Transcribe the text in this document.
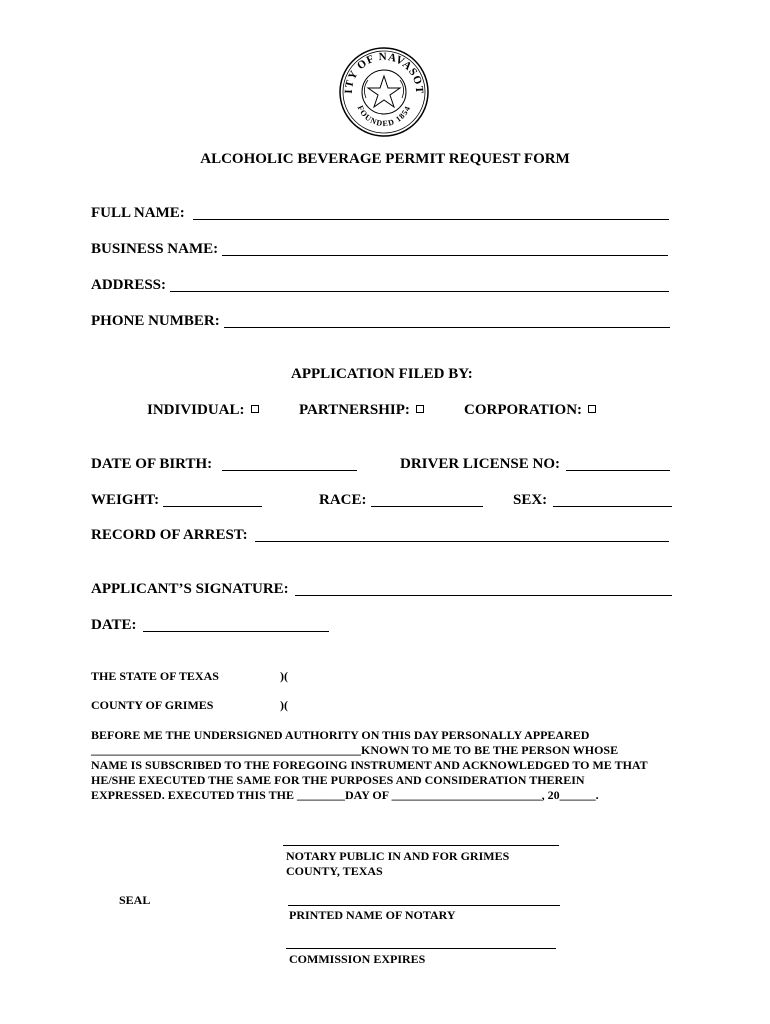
ITY OF NAVASOT
FOUNDED 1854
ALCOHOLIC BEVERAGE PERMIT REQUEST FORM
FULL NAME:
BUSINESS NAME:
ADDRESS:
PHONE NUMBER:
APPLICATION FILED BY:
INDIVIDUAL:	PARTNERSHIP:	CORPORATION:
DATE OF BIRTH:	DRIVER LICENSE NO:
WEIGHT:	RACE:	SEX:
RECORD OF ARREST:
APPLICANT’S SIGNATURE:
DATE:
THE STATE OF TEXAS	)(
COUNTY OF GRIMES	)(
BEFORE ME THE UNDERSIGNED AUTHORITY ON THIS DAY PERSONALLY APPEARED
_____________________________________________KNOWN TO ME TO BE THE PERSON WHOSE
NAME IS SUBSCRIBED TO THE FOREGOING INSTRUMENT AND ACKNOWLEDGED TO ME THAT
HE/SHE EXECUTED THE SAME FOR THE PURPOSES AND CONSIDERATION THEREIN
EXPRESSED. EXECUTED THIS THE ________DAY OF _________________________, 20______.
NOTARY PUBLIC IN AND FOR GRIMES
COUNTY, TEXAS
SEAL
PRINTED NAME OF NOTARY
COMMISSION EXPIRES
